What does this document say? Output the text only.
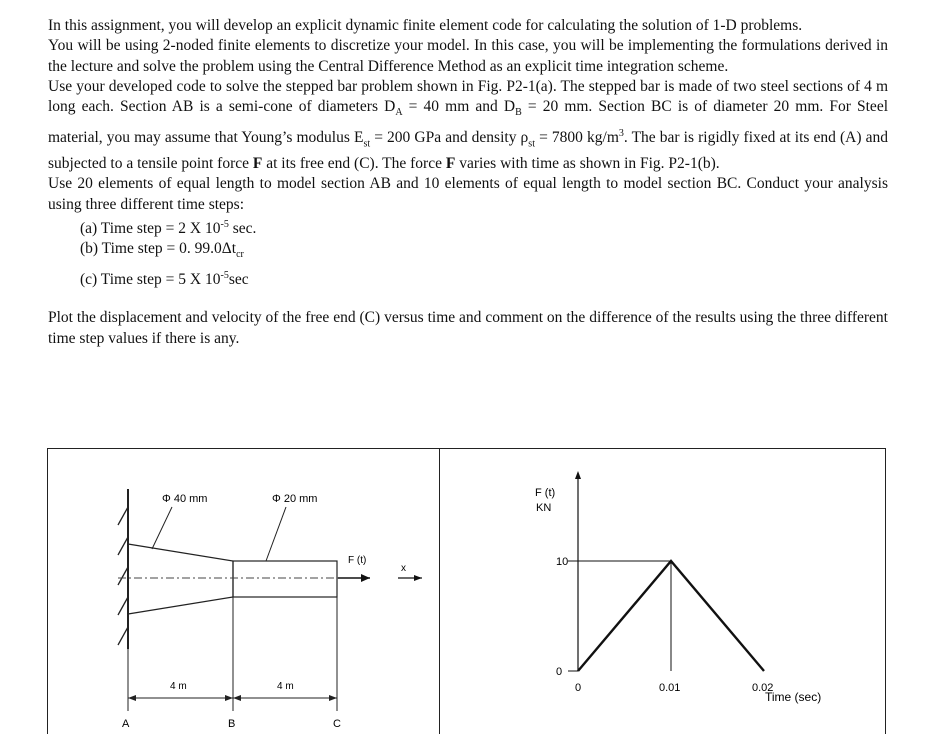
In this assignment, you will develop an explicit dynamic finite element code for calculating the solution of 1-D problems.

You will be using 2-noded finite elements to discretize your model. In this case, you will be implementing the formulations derived in the lecture and solve the problem using the Central Difference Method as an explicit time integration scheme.

Use your developed code to solve the stepped bar problem shown in Fig. P2-1(a). The stepped bar is made of two steel sections of 4 m long each. Section AB is a semi-cone of diameters $D_A = 40$ mm and $D_B = 20$ mm. Section BC is of diameter 20 mm. For Steel material, you may assume that Young’s modulus $E_{st} = 200$ GPa and density $\rho_{st} = 7800$ $kg/m^3$. The bar is rigidly fixed at its end (A) and subjected to a tensile point force F at its free end (C). The force F varies with time as shown in Fig. P2-1(b).

Use 20 elements of equal length to model section AB and 10 elements of equal length to model section BC. Conduct your analysis using three different time steps:

(a) Time step = 2 X $10^{-5}$ sec.

(b) Time step = 0. $99.0\Delta t_{cr}$

(c) Time step = 5 X $10^{-5}\sec$

Plot the displacement and velocity of the free end (C) versus time and comment on the difference of the results using the three different time step values if there is any.

F (t)
x
Φ 40 mm	Φ 20 mm
4 m	4 m
A	B	C
F (t)
KN
Time (sec)
0	0.01	0.02
0
10
